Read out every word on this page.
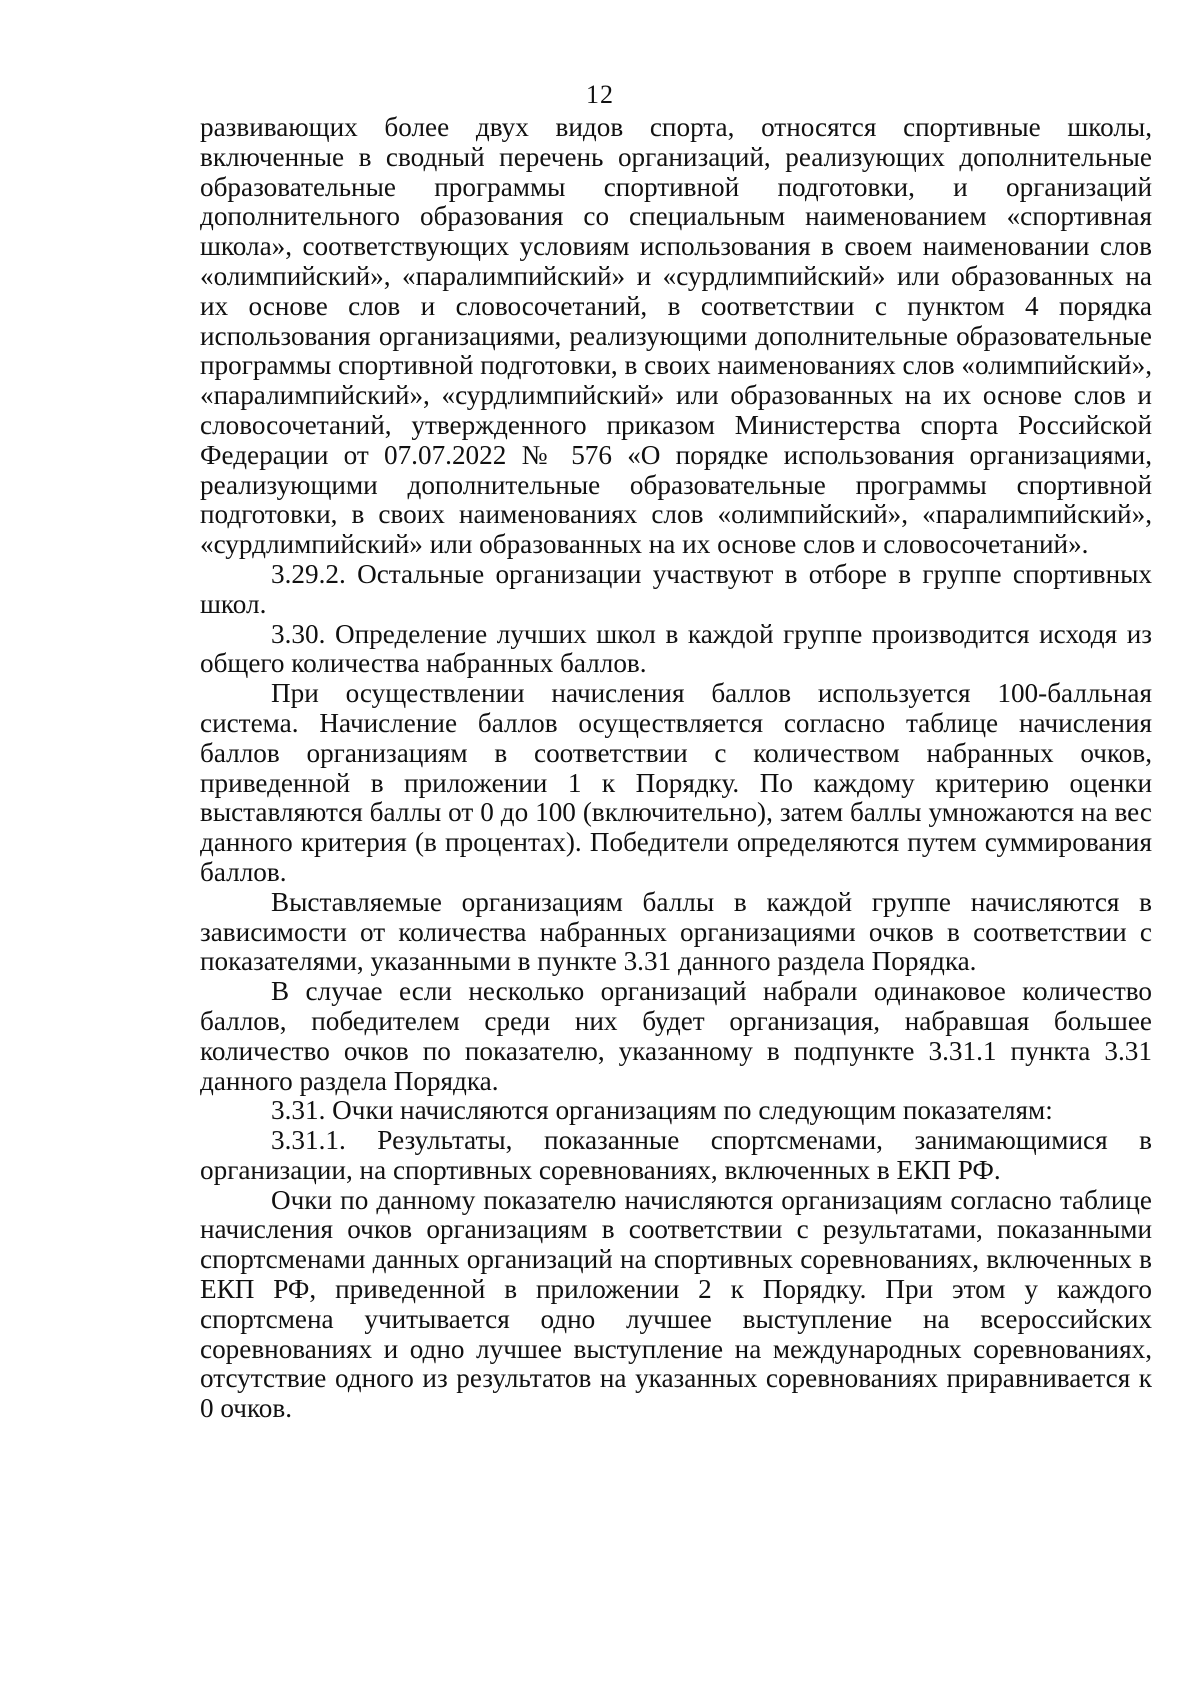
12

развивающих более двух видов спорта, относятся спортивные школы, включенные в сводный перечень организаций, реализующих дополнительные образовательные программы спортивной подготовки, и организаций дополнительного образования со специальным наименованием «спортивная школа», соответствующих условиям использования в своем наименовании слов «олимпийский», «паралимпийский» и «сурдлимпийский» или образованных на их основе слов и словосочетаний, в соответствии с пунктом 4 порядка использования организациями, реализующими дополнительные образовательные программы спортивной подготовки, в своих наименованиях слов «олимпийский», «паралимпийский», «сурдлимпийский» или образованных на их основе слов и словосочетаний, утвержденного приказом Министерства спорта Российской Федерации от 07.07.2022 № 576 «О порядке использования организациями, реализующими дополнительные образовательные программы спортивной подготовки, в своих наименованиях слов «олимпийский», «паралимпийский», «сурдлимпийский» или образованных на их основе слов и словосочетаний».

3.29.2. Остальные организации участвуют в отборе в группе спортивных школ.

3.30. Определение лучших школ в каждой группе производится исходя из общего количества набранных баллов.

При осуществлении начисления баллов используется 100-балльная система. Начисление баллов осуществляется согласно таблице начисления баллов организациям в соответствии с количеством набранных очков, приведенной в приложении 1 к Порядку. По каждому критерию оценки выставляются баллы от 0 до 100 (включительно), затем баллы умножаются на вес данного критерия (в процентах). Победители определяются путем суммирования баллов.

Выставляемые организациям баллы в каждой группе начисляются в зависимости от количества набранных организациями очков в соответствии с показателями, указанными в пункте 3.31 данного раздела Порядка.

В случае если несколько организаций набрали одинаковое количество баллов, победителем среди них будет организация, набравшая большее количество очков по показателю, указанному в подпункте 3.31.1 пункта 3.31 данного раздела Порядка.

3.31. Очки начисляются организациям по следующим показателям:

3.31.1. Результаты, показанные спортсменами, занимающимися в организации, на спортивных соревнованиях, включенных в ЕКП РФ.

Очки по данному показателю начисляются организациям согласно таблице начисления очков организациям в соответствии с результатами, показанными спортсменами данных организаций на спортивных соревнованиях, включенных в ЕКП РФ, приведенной в приложении 2 к Порядку. При этом у каждого спортсмена учитывается одно лучшее выступление на всероссийских соревнованиях и одно лучшее выступление на международных соревнованиях, отсутствие одного из результатов на указанных соревнованиях приравнивается к 0 очков.
